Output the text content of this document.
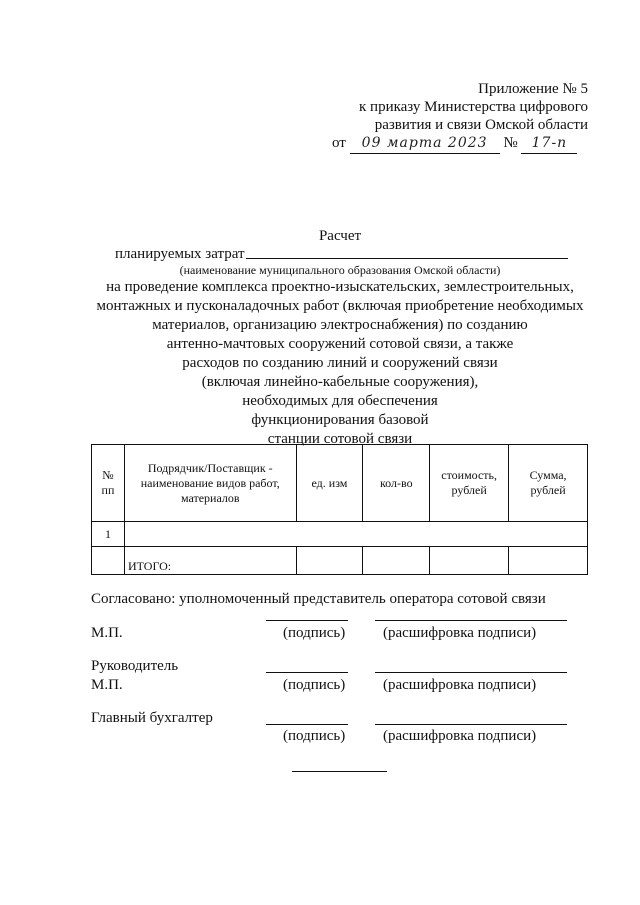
Приложение № 5
к приказу Министерства цифрового
развития и связи Омской области
от 09 марта 2023 № 17-п
Расчет
планируемых затрат
(наименование муниципального образования Омской области)
на проведение комплекса проектно-изыскательских, землестроительных,
монтажных и пусконаладочных работ (включая приобретение необходимых
материалов, организацию электроснабжения) по созданию
антенно-мачтовых сооружений сотовой связи, а также
расходов по созданию линий и сооружений связи
(включая линейно-кабельные сооружения),
необходимых для обеспечения
функционирования базовой
станции сотовой связи
№
пп	Подрядчик/Поставщик - наименование видов работ, материалов	ед. изм	кол-во	стоимость, рублей	Сумма, рублей
1					
	ИТОГО:				
Согласовано: уполномоченный представитель оператора сотовой связи
М.П.	(подпись)	(расшифровка подписи)
Руководитель
М.П.	(подпись)	(расшифровка подписи)
Главный бухгалтер
(подпись)	(расшифровка подписи)
